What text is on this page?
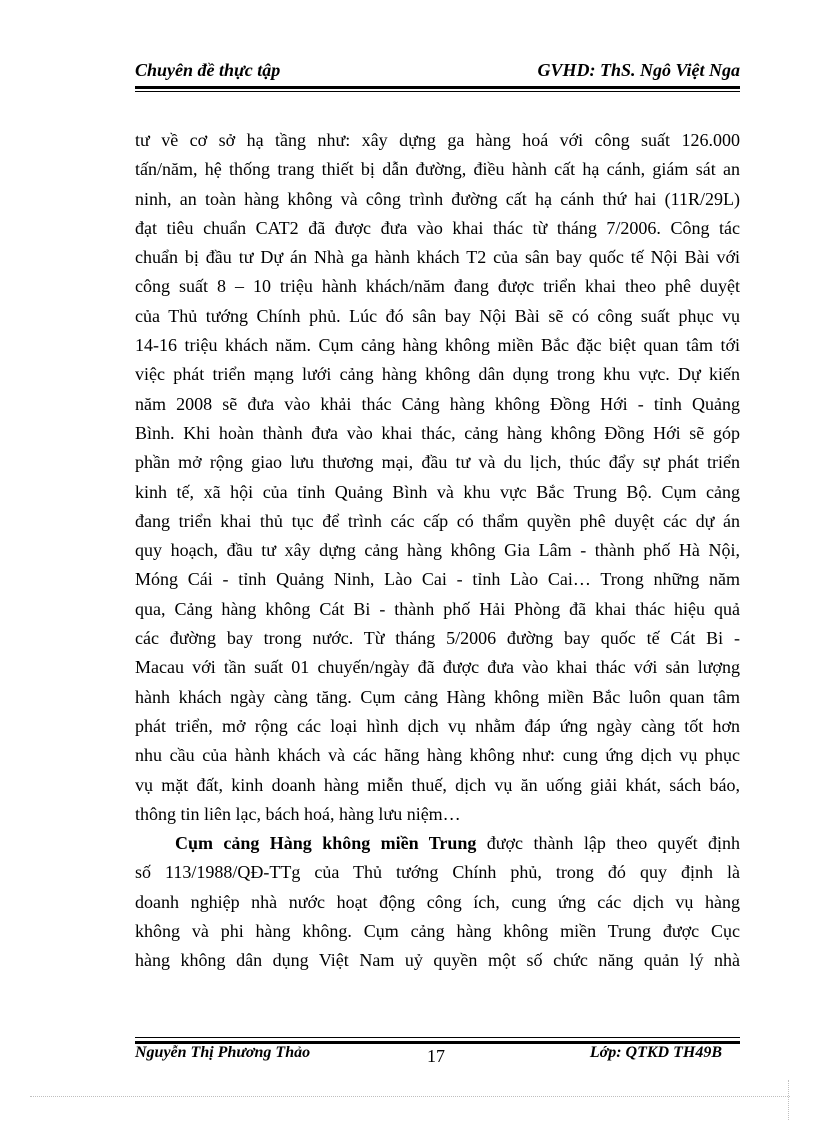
Chuyên đề thực tập	GVHD: ThS. Ngô Việt Nga
tư về cơ sở hạ tầng như: xây dựng ga hàng hoá với công suất 126.000
tấn/năm, hệ thống trang thiết bị dẫn đường, điều hành cất hạ cánh, giám sát an
ninh, an toàn hàng không và công trình đường cất hạ cánh thứ hai (11R/29L)
đạt tiêu chuẩn CAT2 đã được đưa vào khai thác từ tháng 7/2006. Công tác
chuẩn bị đầu tư Dự án Nhà ga hành khách T2 của sân bay quốc tế Nội Bài với
công suất 8 – 10 triệu hành khách/năm đang được triển khai theo phê duyệt
của Thủ tướng Chính phủ. Lúc đó sân bay Nội Bài sẽ có công suất phục vụ
14-16 triệu khách năm. Cụm cảng hàng không miền Bắc đặc biệt quan tâm tới
việc phát triển mạng lưới cảng hàng không dân dụng trong khu vực. Dự kiến
năm 2008 sẽ đưa vào khải thác Cảng hàng không Đồng Hới - tỉnh Quảng
Bình. Khi hoàn thành đưa vào khai thác, cảng hàng không Đồng Hới sẽ góp
phần mở rộng giao lưu thương mại, đầu tư và du lịch, thúc đẩy sự phát triển
kinh tế, xã hội của tỉnh Quảng Bình và khu vực Bắc Trung Bộ. Cụm cảng
đang triển khai thủ tục để trình các cấp có thẩm quyền phê duyệt các dự án
quy hoạch, đầu tư xây dựng cảng hàng không Gia Lâm - thành phố Hà Nội,
Móng Cái - tỉnh Quảng Ninh, Lào Cai - tỉnh Lào Cai… Trong những năm
qua, Cảng hàng không Cát Bi - thành phố Hải Phòng đã khai thác hiệu quả
các đường bay trong nước. Từ tháng 5/2006 đường bay quốc tế Cát Bi -
Macau với tần suất 01 chuyến/ngày đã được đưa vào khai thác với sản lượng
hành khách ngày càng tăng. Cụm cảng Hàng không miền Bắc luôn quan tâm
phát triển, mở rộng các loại hình dịch vụ nhằm đáp ứng ngày càng tốt hơn
nhu cầu của hành khách và các hãng hàng không như: cung ứng dịch vụ phục
vụ mặt đất, kinh doanh hàng miễn thuế, dịch vụ ăn uống giải khát, sách báo,
thông tin liên lạc, bách hoá, hàng lưu niệm…
Cụm cảng Hàng không miền Trung được thành lập theo quyết định
số 113/1988/QĐ-TTg của Thủ tướng Chính phủ, trong đó quy định là
doanh nghiệp nhà nước hoạt động công ích, cung ứng các dịch vụ hàng
không và phi hàng không. Cụm cảng hàng không miền Trung được Cục
hàng không dân dụng Việt Nam uỷ quyền một số chức năng quản lý nhà
Nguyễn Thị Phương Thảo	17	Lớp: QTKD TH49B
